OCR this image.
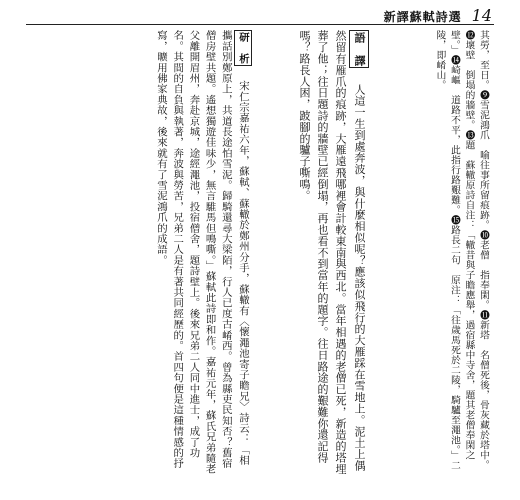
新譯蘇軾詩選 14
其勞，至日。❾雪泥鴻爪　喻往事所留痕跡。❿老僧　指奉閑。⓫新塔　名僧死後，骨灰藏於塔中。⓬壞壁　倒塌的牆壁。⓭題　蘇轍原詩自注：「轍昔與子瞻應舉，過宿縣中寺舍，題其老僧奉閑之壁。」⓮崎嶇　道路不平，此指行路艱難。⓯路長二句　原注：「往歲馬死於二陵，騎驢至澠池。」二陵，即崤山。
語　譯 人這一生到處奔波，與什麼相似呢？應該似飛行的大雁踩在雪地上。泥土上偶然留有雁爪的痕跡，大雁遠飛哪裡會計較東南與西北。當年相遇的老僧已死，新造的塔埋葬了他；往日題詩的牆壁已經倒塌，再也看不到當年的題字。往日路途的艱難你還記得嗎？路長人困，跛腳的驢子嘶鳴。
研　析 宋仁宗嘉祐六年，蘇軾、蘇轍於鄭州分手，蘇轍有〈懷澠池寄子瞻兄〉詩云：「相攜話別鄭原上，共道長途怕雪泥。歸騎還尋大梁陌，行人已度古崤西。曾為縣吏民知否？舊宿僧房壁共題。遙想獨遊佳味少，無言騅馬但鳴嘶。」蘇軾此詩即和作。嘉祐元年，蘇氏兄弟隨老父離開眉州，奔赴京城，途經澠池，投宿僧舍，題詩壁上。後來兄弟二人同中進士，成了功名。其間的自負與執著，奔波與勞苦，兄弟二人是有著共同經歷的。首四句便是這種情感的抒寫，曠用佛家典故，後來就有了雪泥鴻爪的成語。
